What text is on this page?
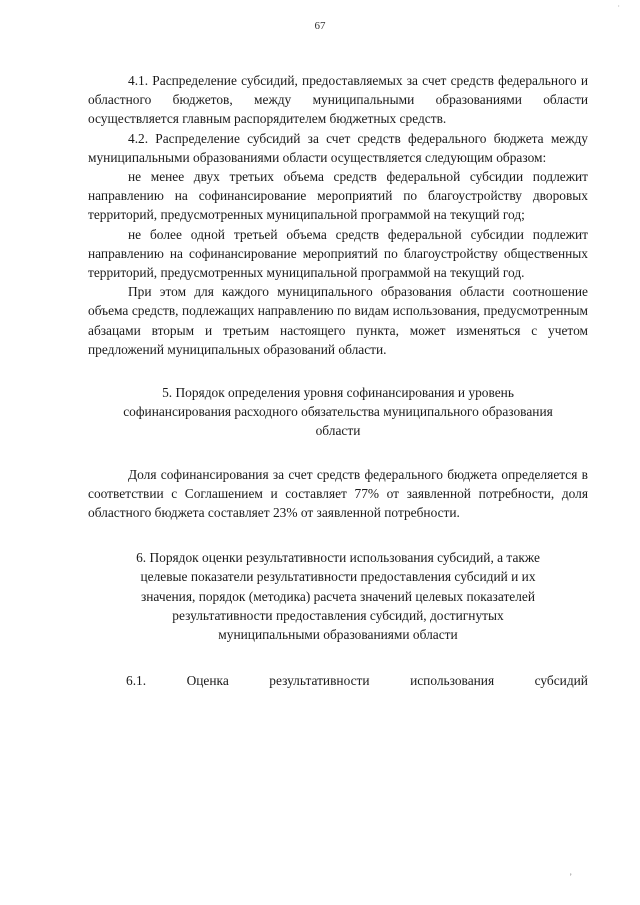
67
·

4.1. Распределение субсидий, предоставляемых за счет средств федерального и областного бюджетов, между муниципальными образованиями области осуществляется главным распорядителем бюджетных средств.

4.2. Распределение субсидий за счет средств федерального бюджета между муниципальными образованиями области осуществляется следующим образом:

не менее двух третьих объема средств федеральной субсидии подлежит направлению на софинансирование мероприятий по благоустройству дворовых территорий, предусмотренных муниципальной программой на текущий год;

не более одной третьей объема средств федеральной субсидии подлежит направлению на софинансирование мероприятий по благоустройству общественных территорий, предусмотренных муниципальной программой на текущий год.

При этом для каждого муниципального образования области соотношение объема средств, подлежащих направлению по видам использования, предусмотренным абзацами вторым и третьим настоящего пункта, может изменяться с учетом предложений муниципальных образований области.

5. Порядок определения уровня софинансирования и уровень софинансирования расходного обязательства муниципального образования области

Доля софинансирования за счет средств федерального бюджета определяется в соответствии с Соглашением и составляет 77% от заявленной потребности, доля областного бюджета составляет 23% от заявленной потребности.

6. Порядок оценки результативности использования субсидий, а также целевые показатели результативности предоставления субсидий и их значения, порядок (методика) расчета значений целевых показателей результативности предоставления субсидий, достигнутых муниципальными образованиями области

6.1.	Оценка	результативности	использования	субсидий
’
